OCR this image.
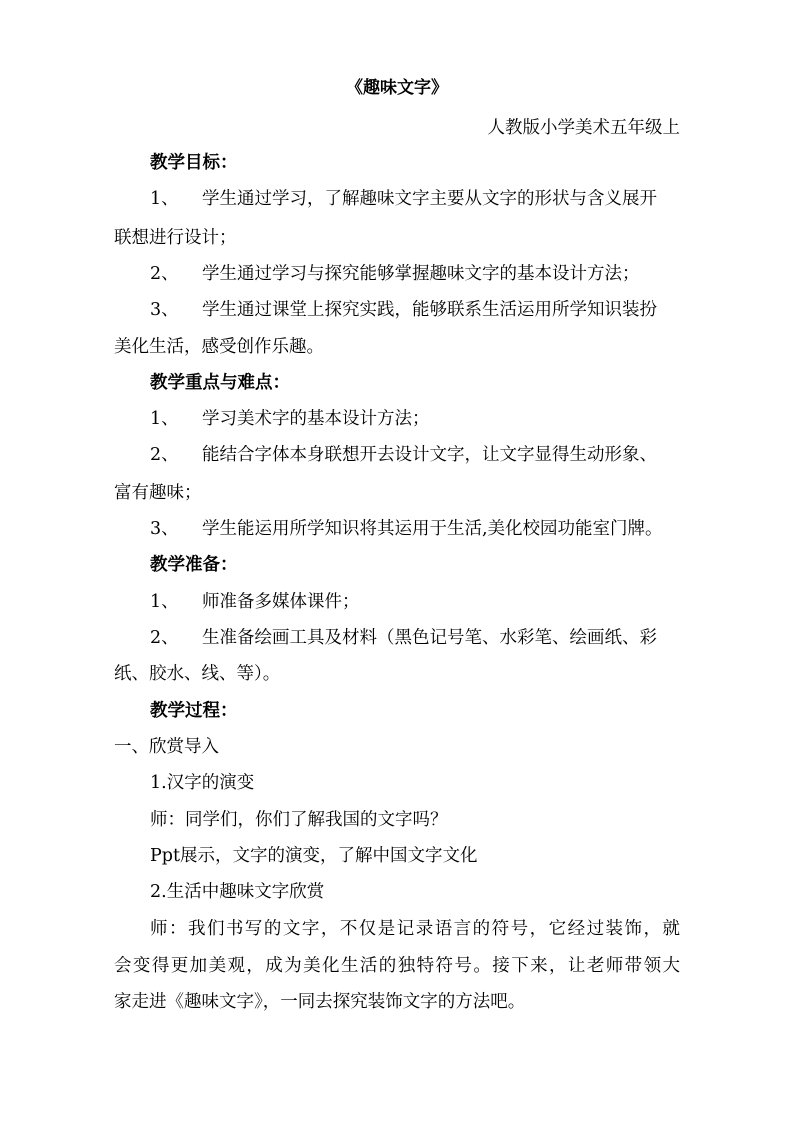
《趣味文字》
人教版小学美术五年级上
教学目标：
1、 学生通过学习，了解趣味文字主要从文字的形状与含义展开
联想进行设计；
2、 学生通过学习与探究能够掌握趣味文字的基本设计方法；
3、 学生通过课堂上探究实践，能够联系生活运用所学知识装扮
美化生活，感受创作乐趣。
教学重点与难点：
1、 学习美术字的基本设计方法；
2、 能结合字体本身联想开去设计文字，让文字显得生动形象、
富有趣味；
3、 学生能运用所学知识将其运用于生活,美化校园功能室门牌。
教学准备：
1、 师准备多媒体课件；
2、 生准备绘画工具及材料（黑色记号笔、水彩笔、绘画纸、彩
纸、胶水、线、等）。
教学过程：
一、欣赏导入
1.汉字的演变
师：同学们，你们了解我国的文字吗？
Ppt展示，文字的演变，了解中国文字文化
2.生活中趣味文字欣赏
师：我们书写的文字，不仅是记录语言的符号，它经过装饰，就
会变得更加美观，成为美化生活的独特符号。接下来，让老师带领大
家走进《趣味文字》，一同去探究装饰文字的方法吧。
